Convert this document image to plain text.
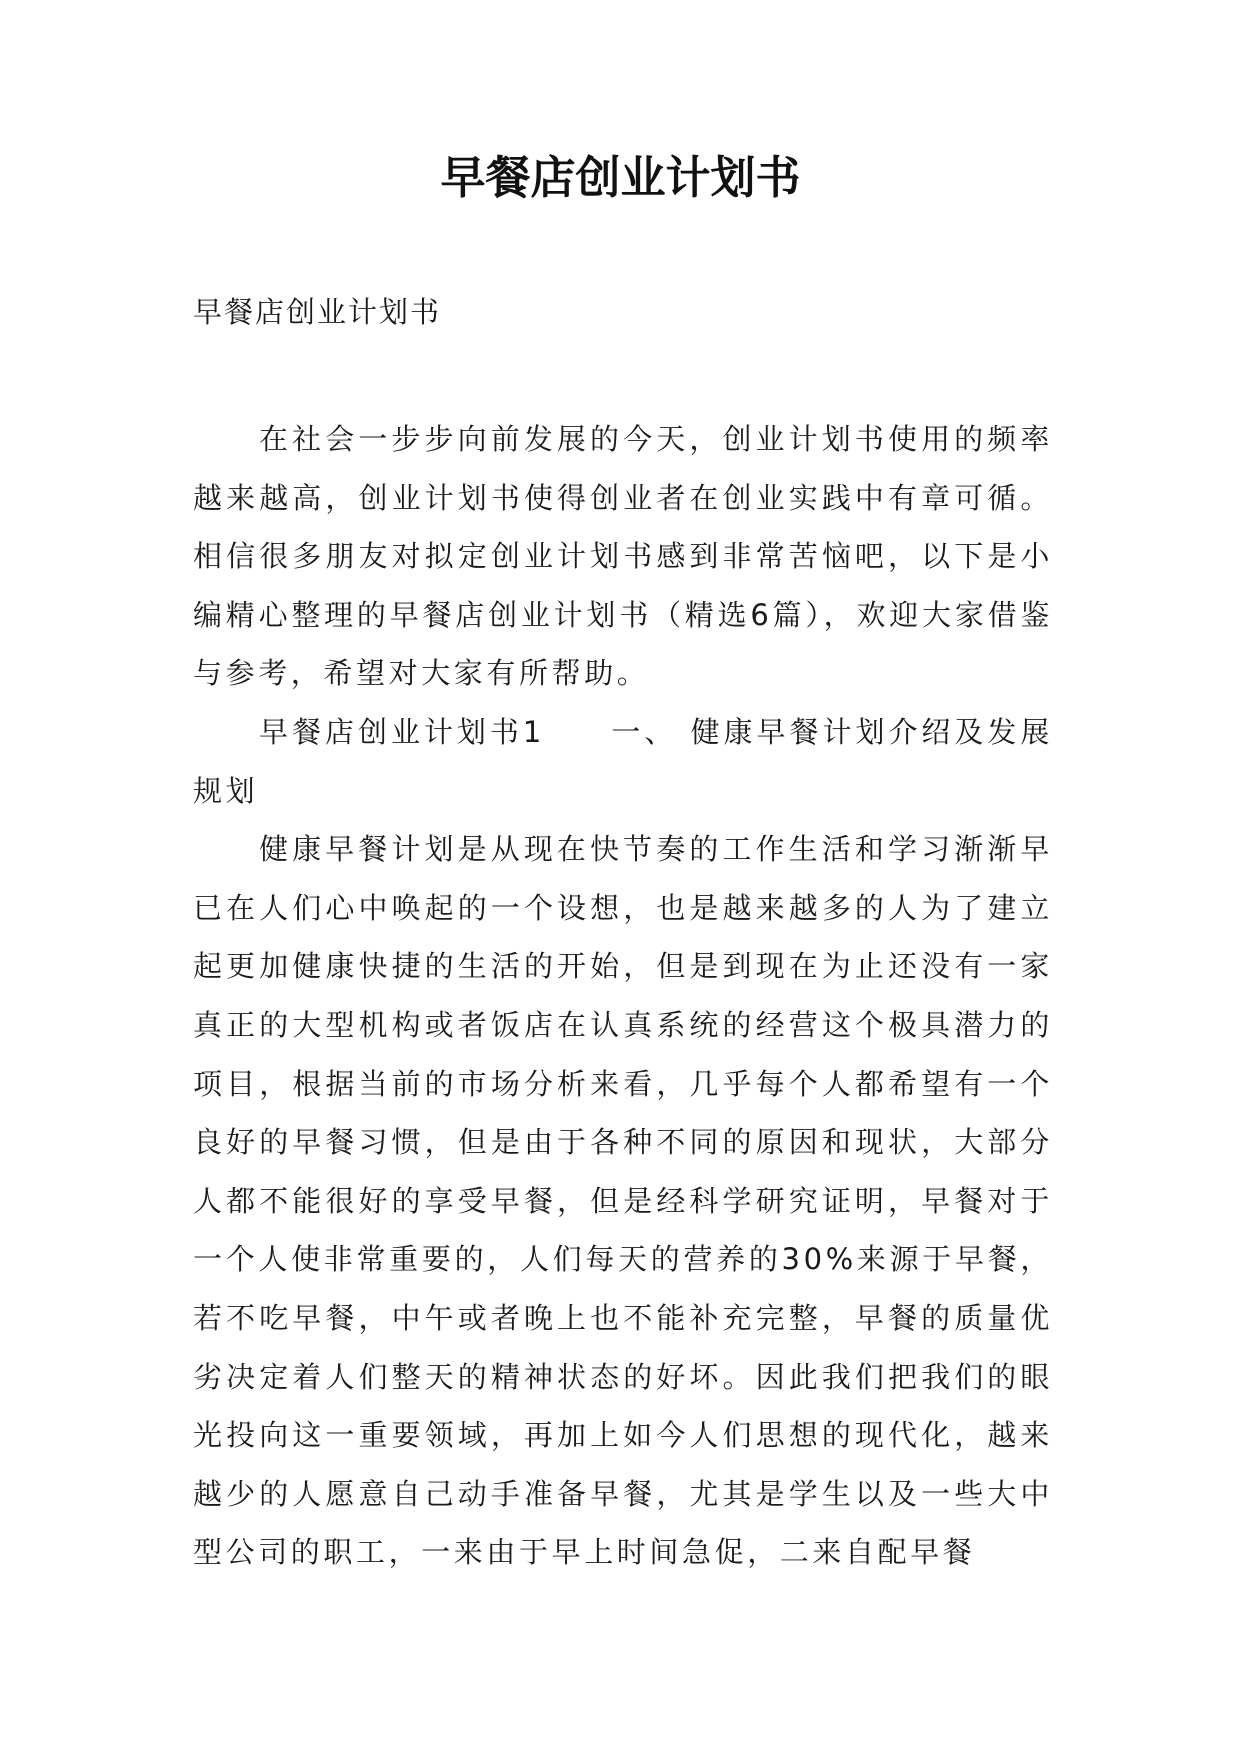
早餐店创业计划书
早餐店创业计划书

在社会一步步向前发展的今天，创业计划书使用的频率越来越高，创业计划书使得创业者在创业实践中有章可循。相信很多朋友对拟定创业计划书感到非常苦恼吧，以下是小编精心整理的早餐店创业计划书（精选6篇），欢迎大家借鉴与参考，希望对大家有所帮助。

早餐店创业计划书1　　一、 健康早餐计划介绍及发展规划

健康早餐计划是从现在快节奏的工作生活和学习渐渐早已在人们心中唤起的一个设想，也是越来越多的人为了建立起更加健康快捷的生活的开始，但是到现在为止还没有一家真正的大型机构或者饭店在认真系统的经营这个极具潜力的项目，根据当前的市场分析来看，几乎每个人都希望有一个良好的早餐习惯，但是由于各种不同的原因和现状，大部分人都不能很好的享受早餐，但是经科学研究证明，早餐对于一个人使非常重要的，人们每天的营养的30%来源于早餐，若不吃早餐，中午或者晚上也不能补充完整，早餐的质量优劣决定着人们整天的精神状态的好坏。因此我们把我们的眼光投向这一重要领域，再加上如今人们思想的现代化，越来越少的人愿意自己动手准备早餐，尤其是学生以及一些大中型公司的职工，一来由于早上时间急促，二来自配早餐
